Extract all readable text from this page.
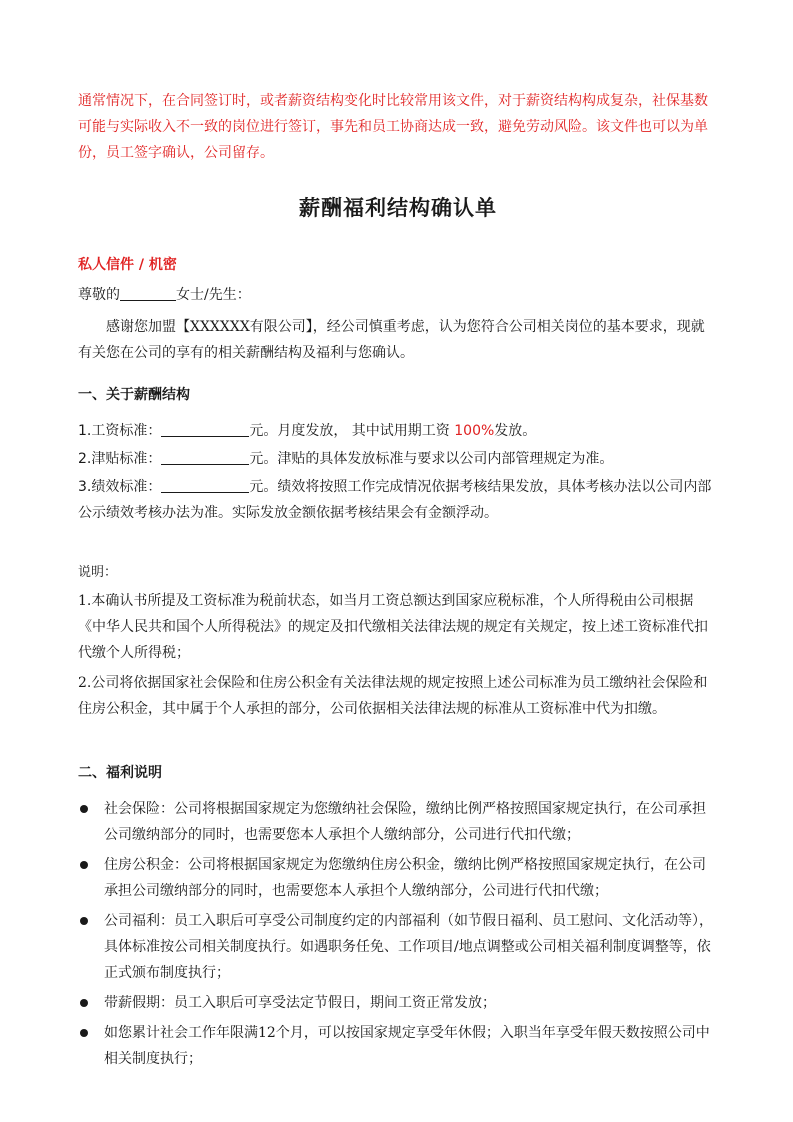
通常情况下，在合同签订时，或者薪资结构变化时比较常用该文件，对于薪资结构构成复杂，社保基数可能与实际收入不一致的岗位进行签订，事先和员工协商达成一致，避免劳动风险。该文件也可以为单份，员工签字确认，公司留存。

薪酬福利结构确认单
私人信件 / 机密

尊敬的	女士/先生：

感谢您加盟【XXXXXX有限公司】，经公司慎重考虑，认为您符合公司相关岗位的基本要求，现就有关您在公司的享有的相关薪酬结构及福利与您确认。

一、关于薪酬结构

1.工资标准：	元。月度发放， 其中试用期工资 100%发放。

2.津贴标准：	元。津贴的具体发放标准与要求以公司内部管理规定为准。

3.绩效标准：	元。绩效将按照工作完成情况依据考核结果发放，具体考核办法以公司内部公示绩效考核办法为准。实际发放金额依据考核结果会有金额浮动。

说明：

1.本确认书所提及工资标准为税前状态，如当月工资总额达到国家应税标准，个人所得税由公司根据《中华人民共和国个人所得税法》的规定及扣代缴相关法律法规的规定有关规定，按上述工资标准代扣代缴个人所得税；

2.公司将依据国家社会保险和住房公积金有关法律法规的规定按照上述公司标准为员工缴纳社会保险和住房公积金，其中属于个人承担的部分，公司依据相关法律法规的标准从工资标准中代为扣缴。

二、福利说明
社会保险：公司将根据国家规定为您缴纳社会保险，缴纳比例严格按照国家规定执行，在公司承担公司缴纳部分的同时，也需要您本人承担个人缴纳部分，公司进行代扣代缴；
住房公积金：公司将根据国家规定为您缴纳住房公积金，缴纳比例严格按照国家规定执行，在公司承担公司缴纳部分的同时，也需要您本人承担个人缴纳部分，公司进行代扣代缴；
公司福利：员工入职后可享受公司制度约定的内部福利（如节假日福利、员工慰问、文化活动等），具体标准按公司相关制度执行。如遇职务任免、工作项目/地点调整或公司相关福利制度调整等，依正式颁布制度执行；
带薪假期：员工入职后可享受法定节假日，期间工资正常发放；
如您累计社会工作年限满12个月，可以按国家规定享受年休假；入职当年享受年假天数按照公司中相关制度执行；
